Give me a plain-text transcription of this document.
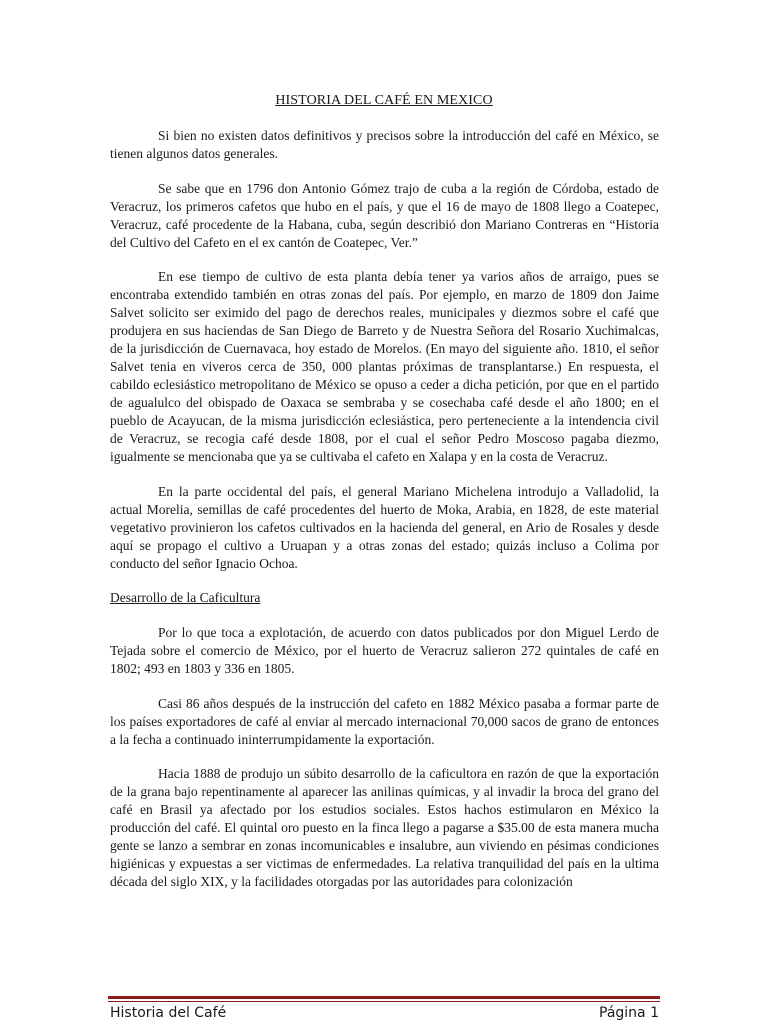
HISTORIA DEL CAFÉ EN MEXICO

Si bien no existen datos definitivos y precisos sobre la introducción del café en México, se tienen algunos datos generales.

Se sabe que en 1796 don Antonio Gómez trajo de cuba a la región de Córdoba, estado de Veracruz, los primeros cafetos que hubo en el país, y que el 16 de mayo de 1808 llego a Coatepec, Veracruz, café procedente de la Habana, cuba, según describió don Mariano Contreras en “Historia del Cultivo del Cafeto en el ex cantón de Coatepec, Ver.”

En ese tiempo de cultivo de esta planta debía tener ya varios años de arraigo, pues se encontraba extendido también en otras zonas del país. Por ejemplo, en marzo de 1809 don Jaime Salvet solicito ser eximido del pago de derechos reales, municipales y diezmos sobre el café que produjera en sus haciendas de San Diego de Barreto y de Nuestra Señora del Rosario Xuchimalcas, de la jurisdicción de Cuernavaca, hoy estado de Morelos. (En mayo del siguiente año. 1810, el señor Salvet tenia en viveros cerca de 350, 000 plantas próximas de transplantarse.) En respuesta, el cabildo eclesiástico metropolitano de México se opuso a ceder a dicha petición, por que en el partido de agualulco del obispado de Oaxaca se sembraba y se cosechaba café desde el año 1800; en el pueblo de Acayucan, de la misma jurisdicción eclesiástica, pero perteneciente a la intendencia civil de Veracruz, se recogia café desde 1808, por el cual el señor Pedro Moscoso pagaba diezmo, igualmente se mencionaba que ya se cultivaba el cafeto en Xalapa y en la costa de Veracruz.

En la parte occidental del país, el general Mariano Michelena introdujo a Valladolid, la actual Morelia, semillas de café procedentes del huerto de Moka, Arabia, en 1828, de este material vegetativo provinieron los cafetos cultivados en la hacienda del general, en Ario de Rosales y desde aquí se propago el cultivo a Uruapan y a otras zonas del estado; quizás incluso a Colima por conducto del señor Ignacio Ochoa.

Desarrollo de la Caficultura

Por lo que toca a explotación, de acuerdo con datos publicados por don Miguel Lerdo de Tejada sobre el comercio de México, por el huerto de Veracruz salieron 272 quintales de café en 1802; 493 en 1803 y 336 en 1805.

Casi 86 años después de la instrucción del cafeto en 1882 México pasaba a formar parte de los países exportadores de café al enviar al mercado internacional 70,000 sacos de grano de entonces a la fecha a continuado ininterrumpidamente la exportación.

Hacia 1888 de produjo un súbito desarrollo de la caficultora en razón de que la exportación de la grana bajo repentinamente al aparecer las anilinas químicas, y al invadir la broca del grano del café en Brasil ya afectado por los estudios sociales. Estos hachos estimularon en México la producción del café. El quintal oro puesto en la finca llego a pagarse a $35.00 de esta manera mucha gente se lanzo a sembrar en zonas incomunicables e insalubre, aun viviendo en pésimas condiciones higiénicas y expuestas a ser victimas de enfermedades. La relativa tranquilidad del país en la ultima década del siglo XIX, y la facilidades otorgadas por las autoridades para colonización

Historia del Café	Página 1
